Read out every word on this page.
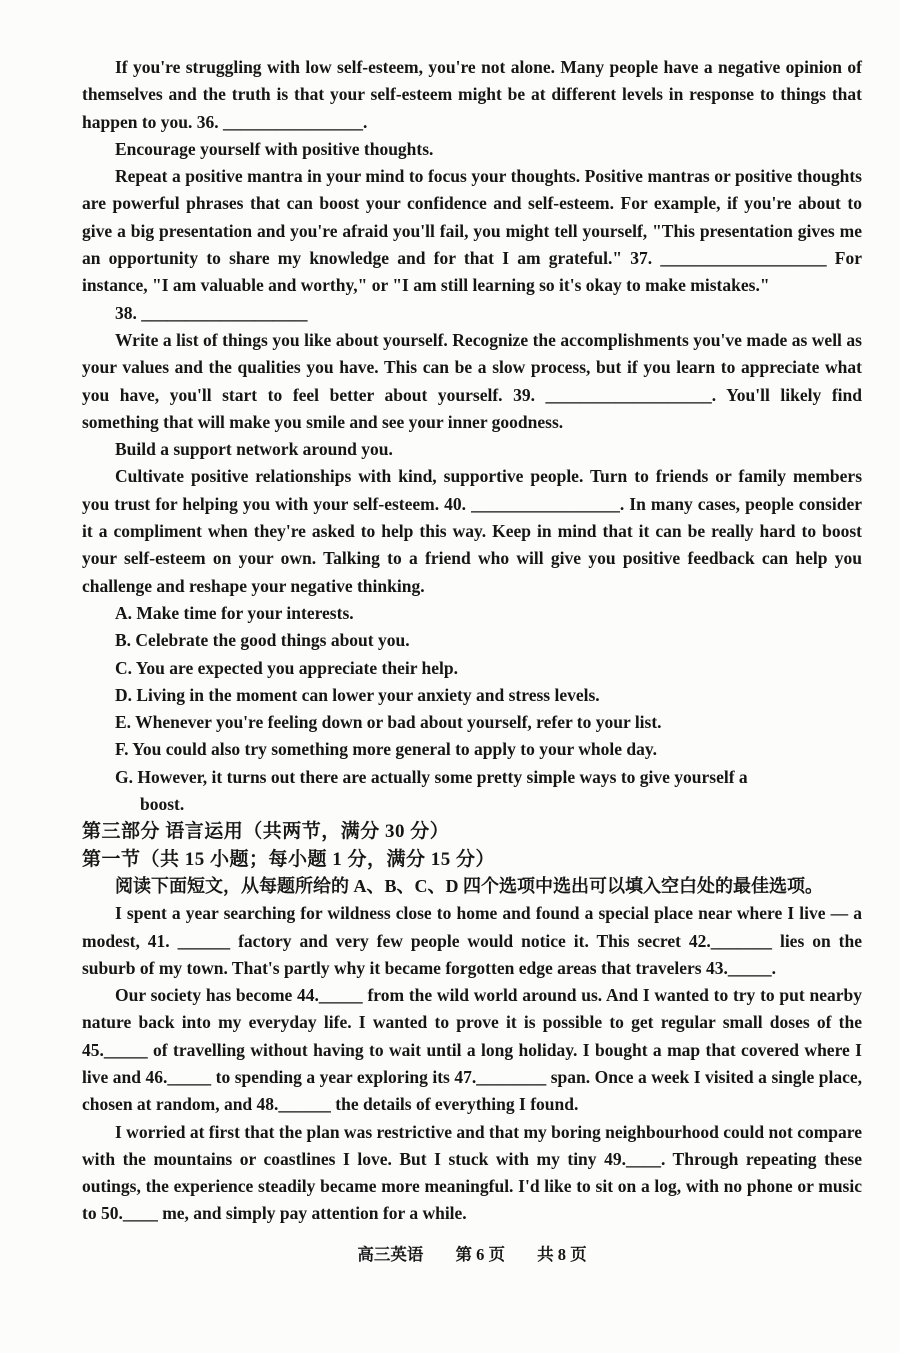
If you're struggling with low self-esteem, you're not alone. Many people have a negative opinion of themselves and the truth is that your self-esteem might be at different levels in response to things that happen to you. 36. ________________.

Encourage yourself with positive thoughts.

Repeat a positive mantra in your mind to focus your thoughts. Positive mantras or positive thoughts are powerful phrases that can boost your confidence and self-esteem. For example, if you're about to give a big presentation and you're afraid you'll fail, you might tell yourself, "This presentation gives me an opportunity to share my knowledge and for that I am grateful." 37. ___________________ For instance, "I am valuable and worthy," or "I am still learning so it's okay to make mistakes."

38. ___________________

Write a list of things you like about yourself. Recognize the accomplishments you've made as well as your values and the qualities you have. This can be a slow process, but if you learn to appreciate what you have, you'll start to feel better about yourself. 39. ___________________. You'll likely find something that will make you smile and see your inner goodness.

Build a support network around you.

Cultivate positive relationships with kind, supportive people. Turn to friends or family members you trust for helping you with your self-esteem. 40. _________________. In many cases, people consider it a compliment when they're asked to help this way. Keep in mind that it can be really hard to boost your self-esteem on your own. Talking to a friend who will give you positive feedback can help you challenge and reshape your negative thinking.

A. Make time for your interests.
B. Celebrate the good things about you.
C. You are expected you appreciate their help.
D. Living in the moment can lower your anxiety and stress levels.
E. Whenever you're feeling down or bad about yourself, refer to your list.
F. You could also try something more general to apply to your whole day.
G. However, it turns out there are actually some pretty simple ways to give yourself a boost.

第三部分 语言运用（共两节，满分 30 分）

第一节（共 15 小题；每小题 1 分，满分 15 分）

阅读下面短文，从每题所给的 A、B、C、D 四个选项中选出可以填入空白处的最佳选项。

I spent a year searching for wildness close to home and found a special place near where I live — a modest, 41. ______ factory and very few people would notice it. This secret 42._______ lies on the suburb of my town. That's partly why it became forgotten edge areas that travelers 43._____.

Our society has become 44._____ from the wild world around us. And I wanted to try to put nearby nature back into my everyday life. I wanted to prove it is possible to get regular small doses of the 45._____ of travelling without having to wait until a long holiday. I bought a map that covered where I live and 46._____ to spending a year exploring its 47.________ span. Once a week I visited a single place, chosen at random, and 48.______ the details of everything I found.

I worried at first that the plan was restrictive and that my boring neighbourhood could not compare with the mountains or coastlines I love. But I stuck with my tiny 49.____. Through repeating these outings, the experience steadily became more meaningful. I'd like to sit on a log, with no phone or music to 50.____ me, and simply pay attention for a while.

高三英语 第 6 页 共 8 页
